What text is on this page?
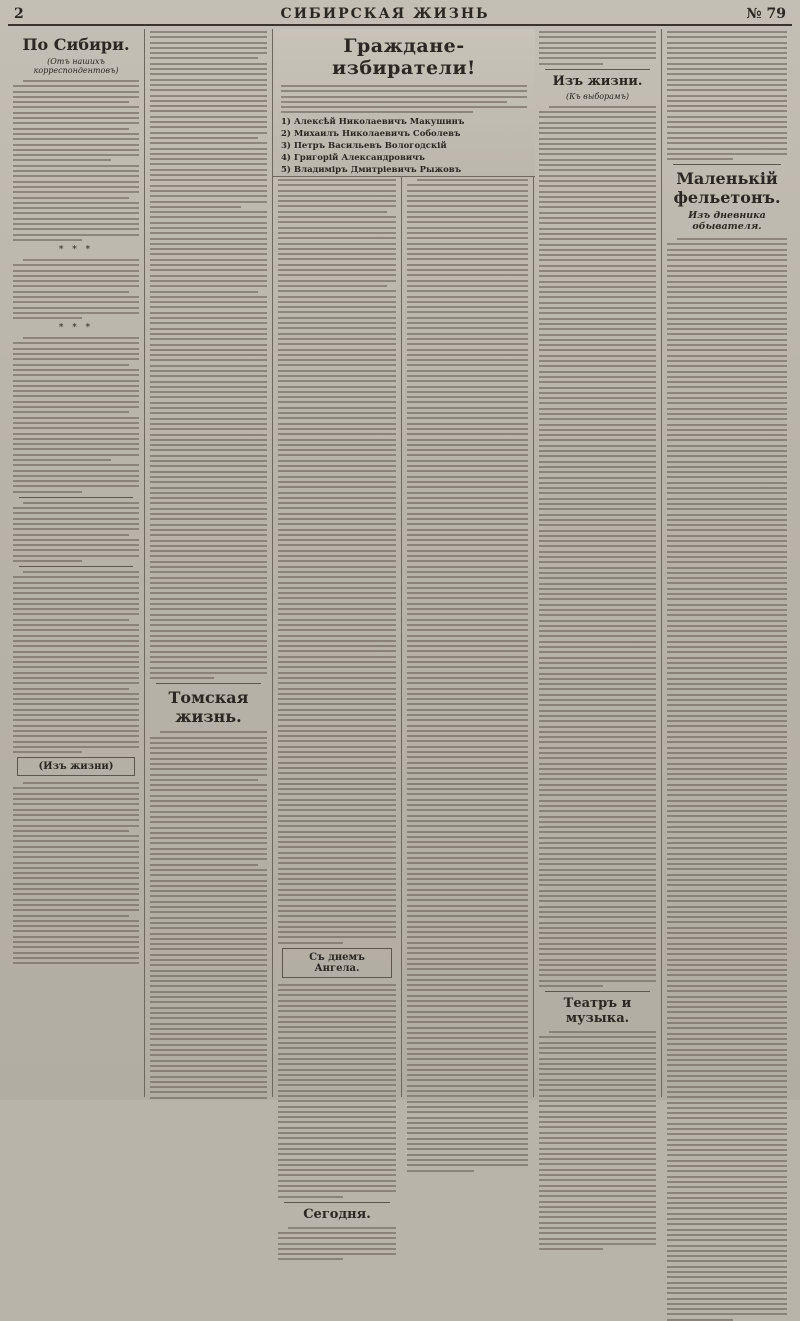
2	СИБИРСКАЯ ЖИЗНЬ	№ 79
Граждане-избиратели!
1) Алексѣй Николаевичъ Макушинъ
2) Михаилъ Николаевичъ Соболевъ
3) Петръ Васильевъ Вологодскій
4) Григорій Александровичъ
5) Владиміръ Дмитріевичъ Рыжовъ
По Сибири.
(Отъ нашихъ корреспондентовъ)
* * *
* * *
(Изъ жизни)
Томская жизнь.
Съ днемъ Ангела.
Сегодня.
Изъ жизни.
(Къ выборамъ)
Театръ и музыка.
Маленькій фельетонъ.
Изъ дневника обывателя.
